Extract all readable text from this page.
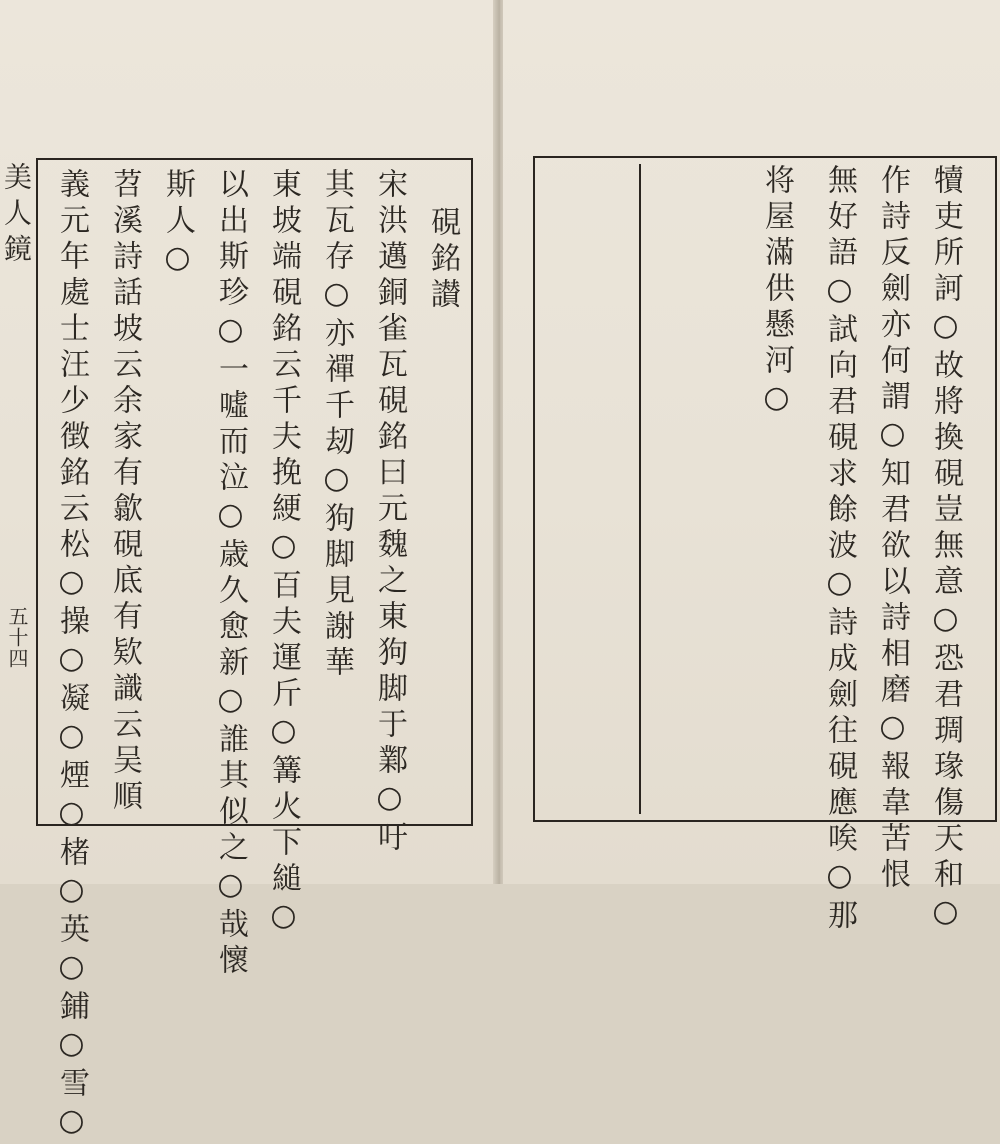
美人鏡
五十四
硯銘讃
宋洪邁銅雀瓦硯銘曰元魏之東狗脚于鄴○吁
其瓦存○亦禪千刼○狗脚見謝華
東坡端硯銘云千夫挽綆○百夫運斤○篝火下縋○
以出斯珍○一噓而泣○歳久愈新○誰其似之○哉懷
斯人○
苕溪詩話坡云余家有歙硯底有欵識云吴順
義元年處士汪少徴銘云松○操○凝○煙○楮○英○鋪○雪○	犢吏所訶○故將換硯豈無意○恐君琱瑑傷天和○
作詩反劍亦何謂○知君欲以詩相磨○報韋苦恨
無好語○試向君硯求餘波○詩成劍往硯應唉○那
将屋滿供懸河○
